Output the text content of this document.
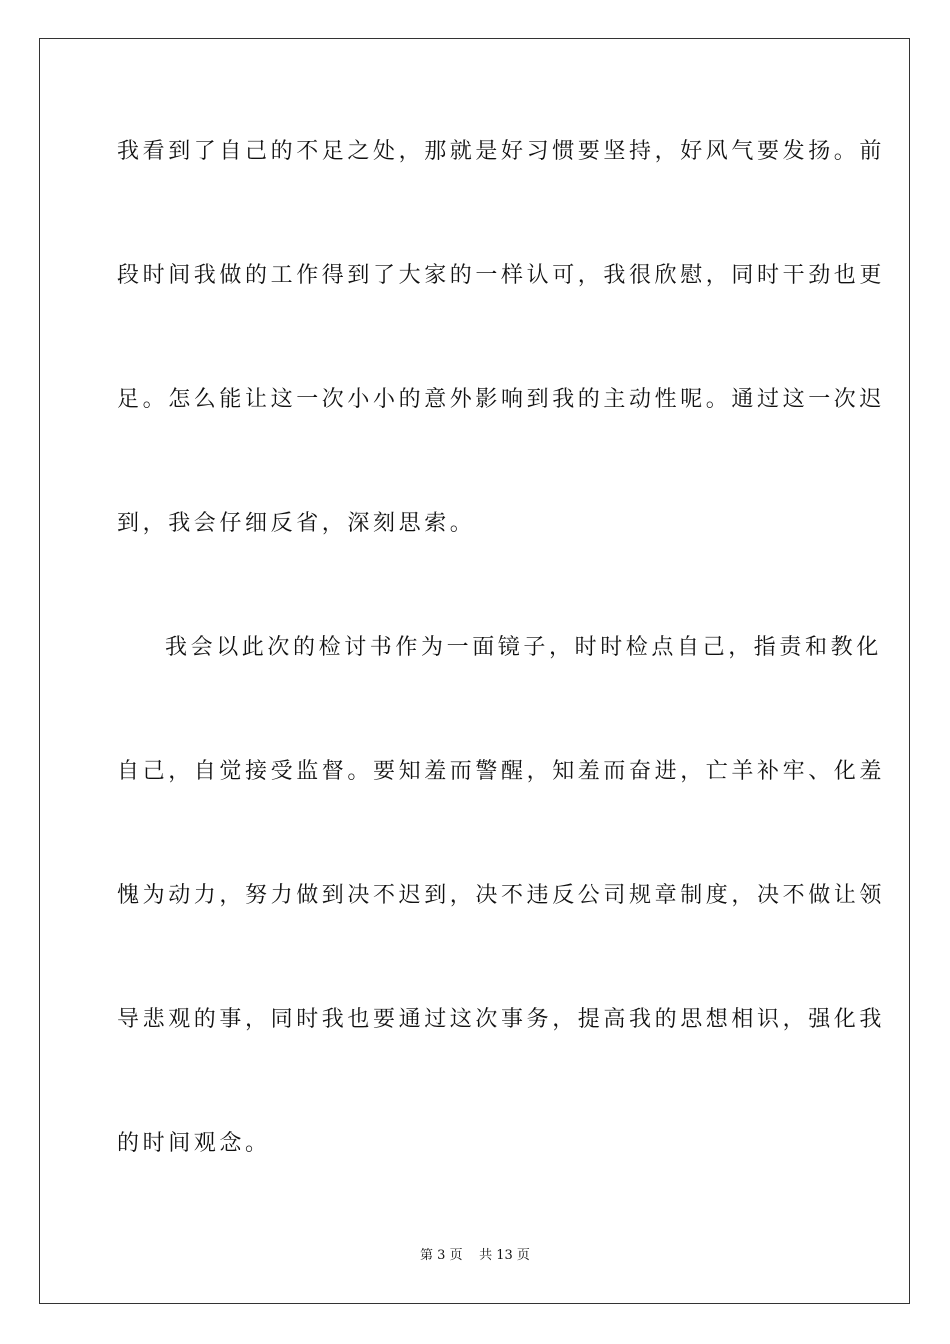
我看到了自己的不足之处，那就是好习惯要坚持，好风气要发扬。前
段时间我做的工作得到了大家的一样认可，我很欣慰，同时干劲也更
足。怎么能让这一次小小的意外影响到我的主动性呢。通过这一次迟
到，我会仔细反省，深刻思索。
我会以此次的检讨书作为一面镜子，时时检点自己，指责和教化
自己，自觉接受监督。要知羞而警醒，知羞而奋进，亡羊补牢、化羞
愧为动力，努力做到决不迟到，决不违反公司规章制度，决不做让领
导悲观的事，同时我也要通过这次事务，提高我的思想相识，强化我
的时间观念。
第 3 页 共 13 页
